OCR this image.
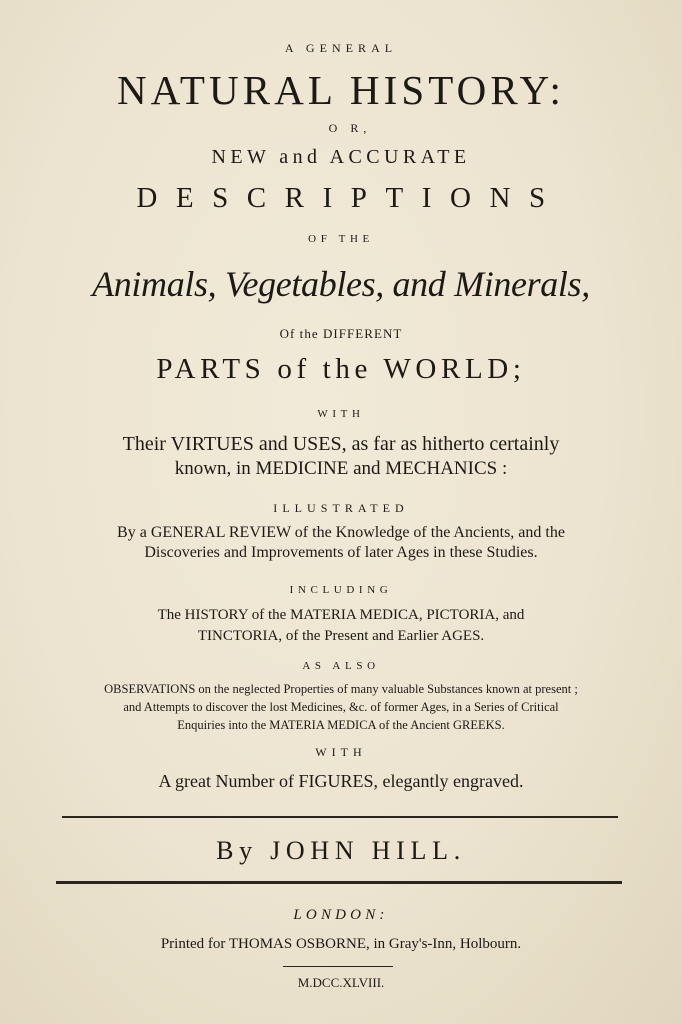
A GENERAL
NATURAL HISTORY:
O R,
NEW and ACCURATE
DESCRIPTIONS
OF THE
Animals, Vegetables, and Minerals,
Of the DIFFERENT
PARTS of the WORLD;
WITH
Their VIRTUES and USES, as far as hitherto certainly
known, in MEDICINE and MECHANICS :
ILLUSTRATED
By a GENERAL REVIEW of the Knowledge of the Ancients, and the
Discoveries and Improvements of later Ages in these Studies.
INCLUDING
The HISTORY of the MATERIA MEDICA, PICTORIA, and
TINCTORIA, of the Present and Earlier AGES.
AS ALSO
OBSERVATIONS on the neglected Properties of many valuable Substances known at present ;
and Attempts to discover the lost Medicines, &c. of former Ages, in a Series of Critical
Enquiries into the MATERIA MEDICA of the Ancient GREEKS.
WITH
A great Number of FIGURES, elegantly engraved.
By JOHN HILL.
LONDON:
Printed for THOMAS OSBORNE, in Gray's-Inn, Holbourn.
M.DCC.XLVIII.
